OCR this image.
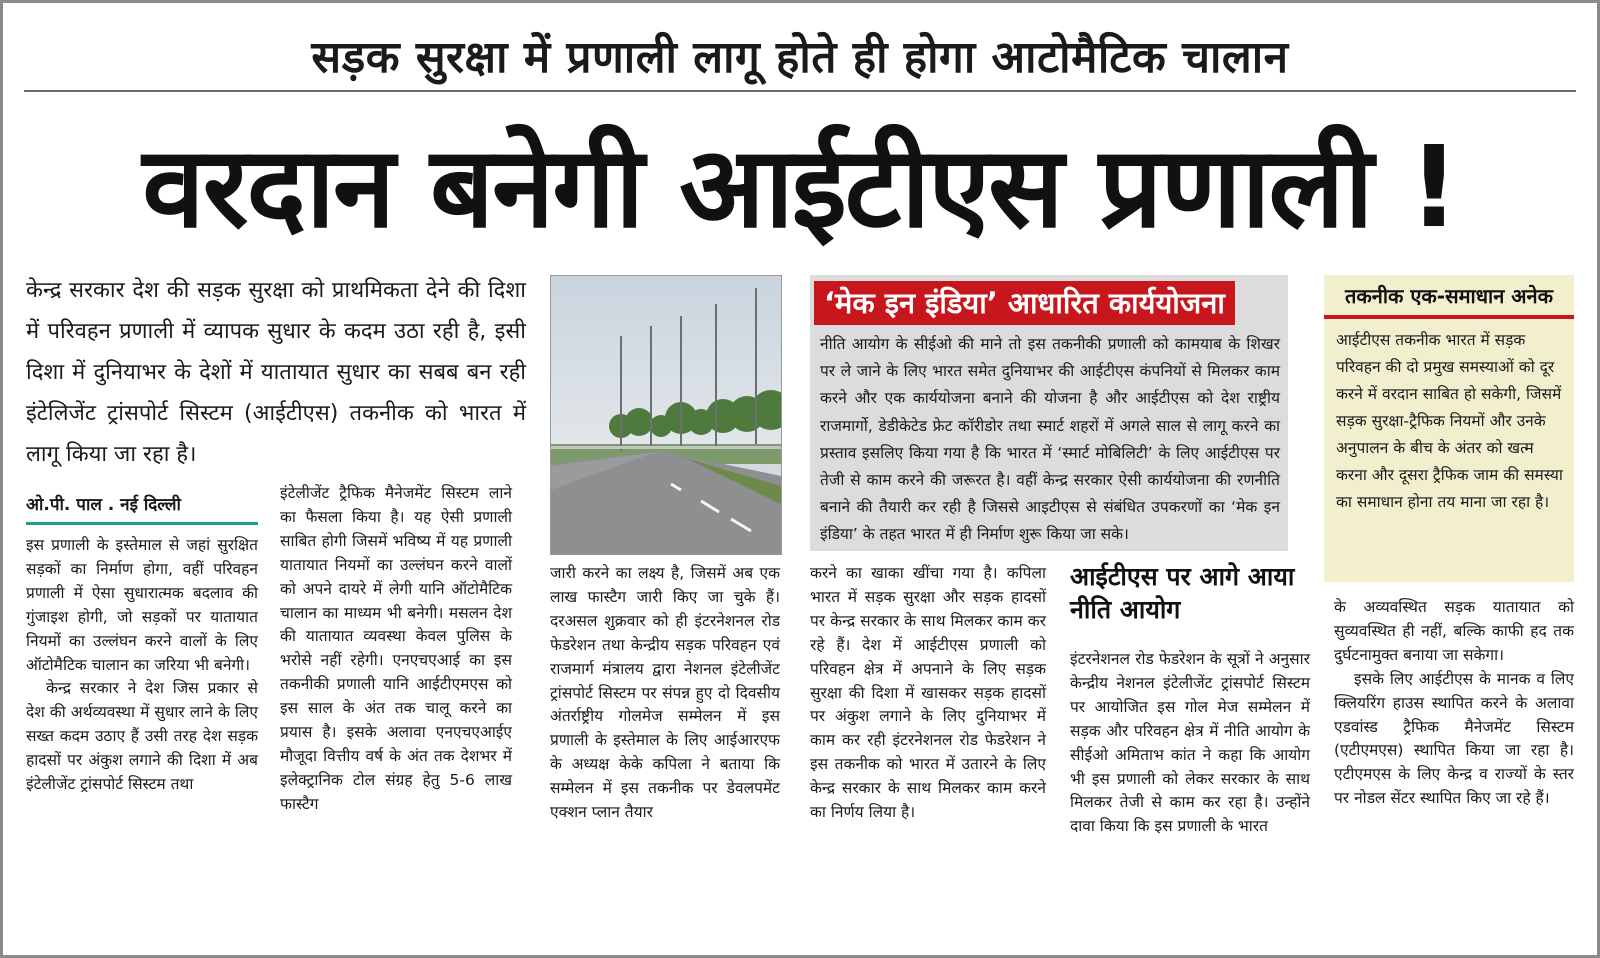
सड़क सुरक्षा में प्रणाली लागू होते ही होगा आटोमैटिक चालान
वरदान बनेगी आईटीएस प्रणाली !
केन्द्र सरकार देश की सड़क सुरक्षा को प्राथमिकता देने की दिशा में परिवहन प्रणाली में व्यापक सुधार के कदम उठा रही है, इसी दिशा में दुनियाभर के देशों में यातायात सुधार का सबब बन रही इंटेलिजेंट ट्रांसपोर्ट सिस्टम (आईटीएस) तकनीक को भारत में लागू किया जा रहा है।
ओ.पी. पाल . नई दिल्ली

इस प्रणाली के इस्तेमाल से जहां सुरक्षित सड़कों का निर्माण होगा, वहीं परिवहन प्रणाली में ऐसा सुधारात्मक बदलाव की गुंजाइश होगी, जो सड़कों पर यातायात नियमों का उल्लंघन करने वालों के लिए ऑटोमैटिक चालान का जरिया भी बनेगी।

केन्द्र सरकार ने देश जिस प्रकार से देश की अर्थव्यवस्था में सुधार लाने के लिए सख्त कदम उठाए हैं उसी तरह देश सड़क हादसों पर अंकुश लगाने की दिशा में अब इंटेलीजेंट ट्रांसपोर्ट सिस्टम तथा

इंटेलीजेंट ट्रैफिक मैनेजमेंट सिस्टम लाने का फैसला किया है। यह ऐसी प्रणाली साबित होगी जिसमें भविष्य में यह प्रणाली यातायात नियमों का उल्लंघन करने वालों को अपने दायरे में लेगी यानि ऑटोमैटिक चालान का माध्यम भी बनेगी। मसलन देश की यातायात व्यवस्था केवल पुलिस के भरोसे नहीं रहेगी। एनएचएआई का इस तकनीकी प्रणाली यानि आईटीएमएस को इस साल के अंत तक चालू करने का प्रयास है। इसके अलावा एनएचएआईए मौजूदा वित्तीय वर्ष के अंत तक देशभर में इलेक्ट्रानिक टोल संग्रह हेतु 5-6 लाख फास्टैग

जारी करने का लक्ष्य है, जिसमें अब एक लाख फास्टैग जारी किए जा चुके हैं। दरअसल शुक्रवार को ही इंटरनेशनल रोड फेडरेशन तथा केन्द्रीय सड़क परिवहन एवं राजमार्ग मंत्रालय द्वारा नेशनल इंटेलीजेंट ट्रांसपोर्ट सिस्टम पर संपन्न हुए दो दिवसीय अंतर्राष्ट्रीय गोलमेज सम्मेलन में इस प्रणाली के इस्तेमाल के लिए आईआरएफ के अध्यक्ष केके कपिला ने बताया कि सम्मेलन में इस तकनीक पर डेवलपमेंट एक्शन प्लान तैयार

करने का खाका खींचा गया है। कपिला भारत में सड़क सुरक्षा और सड़क हादसों पर केन्द्र सरकार के साथ मिलकर काम कर रहे हैं। देश में आईटीएस प्रणाली को परिवहन क्षेत्र में अपनाने के लिए सड़क सुरक्षा की दिशा में खासकर सड़क हादसों पर अंकुश लगाने के लिए दुनियाभर में काम कर रही इंटरनेशनल रोड फेडरेशन ने इस तकनीक को भारत में उतारने के लिए केन्द्र सरकार के साथ मिलकर काम करने का निर्णय लिया है।

‘मेक इन इंडिया’ आधारित कार्ययोजना
नीति आयोग के सीईओ की माने तो इस तकनीकी प्रणाली को कामयाब के शिखर पर ले जाने के लिए भारत समेत दुनियाभर की आईटीएस कंपनियों से मिलकर काम करने और एक कार्ययोजना बनाने की योजना है और आईटीएस को देश राष्ट्रीय राजमार्गो, डेडीकेटेड फ्रेट कॉरीडोर तथा स्मार्ट शहरों में अगले साल से लागू करने का प्रस्ताव इसलिए किया गया है कि भारत में ‘स्मार्ट मोबिलिटी’ के लिए आईटीएस पर तेजी से काम करने की जरूरत है। वहीं केन्द्र सरकार ऐसी कार्ययोजना की रणनीति बनाने की तैयारी कर रही है जिससे आइटीएस से संबंधित उपकरणों का ‘मेक इन इंडिया’ के तहत भारत में ही निर्माण शुरू किया जा सके।
आईटीएस पर आगे आया नीति आयोग

इंटरनेशनल रोड फेडरेशन के सूत्रों ने अनुसार केन्द्रीय नेशनल इंटेलीजेंट ट्रांसपोर्ट सिस्टम पर आयोजित इस गोल मेज सम्मेलन में सड़क और परिवहन क्षेत्र में नीति आयोग के सीईओ अमिताभ कांत ने कहा कि आयोग भी इस प्रणाली को लेकर सरकार के साथ मिलकर तेजी से काम कर रहा है। उन्होंने दावा किया कि इस प्रणाली के भारत

तकनीक एक-समाधान अनेक
आईटीएस तकनीक भारत में सड़क परिवहन की दो प्रमुख समस्याओं को दूर करने में वरदान साबित हो सकेगी, जिसमें सड़क सुरक्षा-ट्रैफिक नियमों और उनके अनुपालन के बीच के अंतर को खत्म करना और दूसरा ट्रैफिक जाम की समस्या का समाधान होना तय माना जा रहा है।

के अव्यवस्थित सड़क यातायात को सुव्यवस्थित ही नहीं, बल्कि काफी हद तक दुर्घटनामुक्त बनाया जा सकेगा।

इसके लिए आईटीएस के मानक व लिए क्लियरिंग हाउस स्थापित करने के अलावा एडवांस्ड ट्रैफिक मैनेजमेंट सिस्टम (एटीएमएस) स्थापित किया जा रहा है। एटीएमएस के लिए केन्द्र व राज्यों के स्तर पर नोडल सेंटर स्थापित किए जा रहे हैं।
